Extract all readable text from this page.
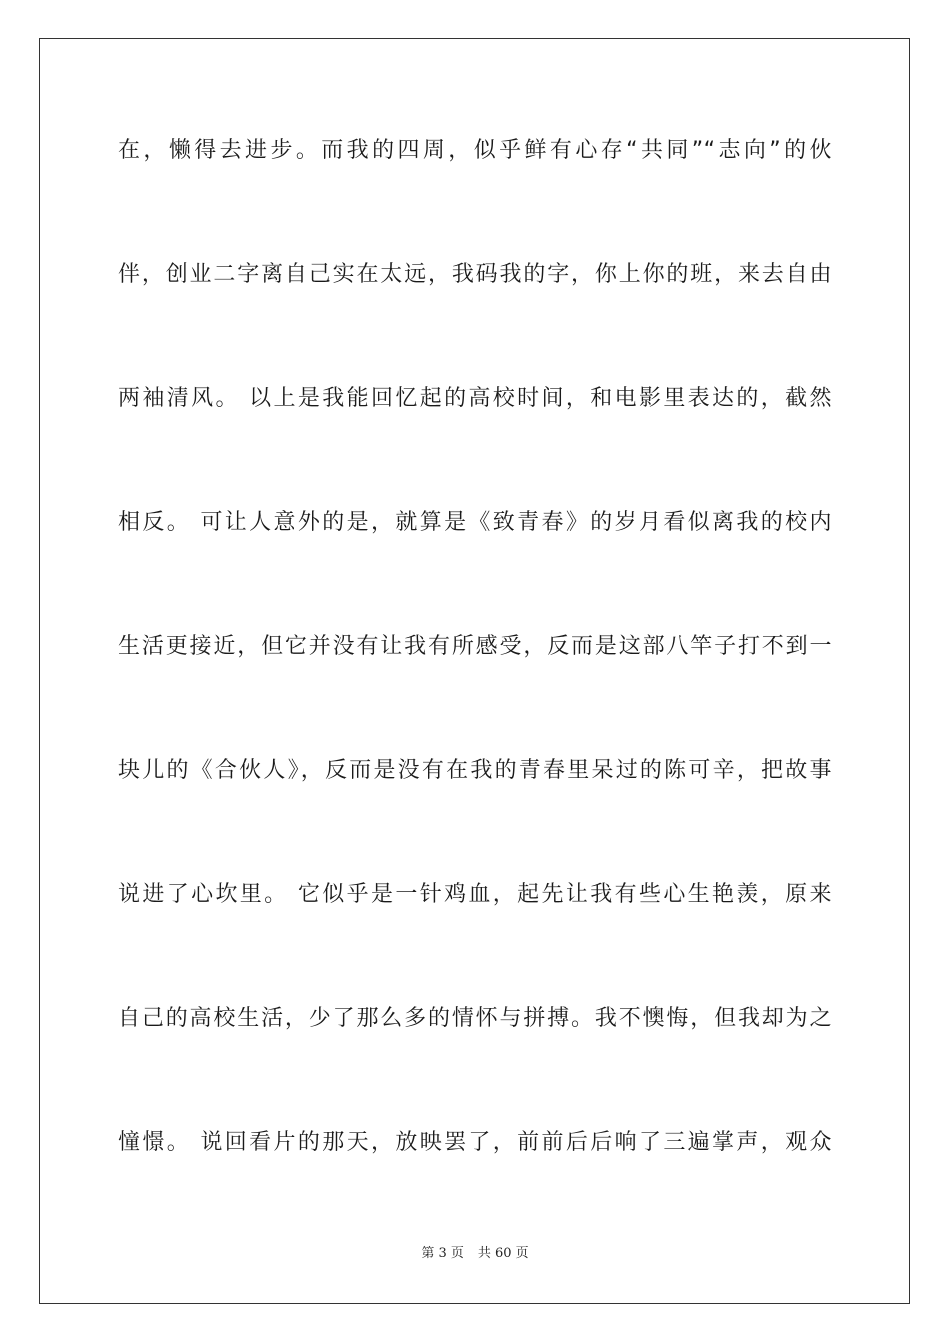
在，懒得去进步。而我的四周，似乎鲜有心存“共同”“志向”的伙
伴，创业二字离自己实在太远，我码我的字，你上你的班，来去自由
两袖清风。 以上是我能回忆起的高校时间，和电影里表达的，截然
相反。 可让人意外的是，就算是《致青春》的岁月看似离我的校内
生活更接近，但它并没有让我有所感受，反而是这部八竿子打不到一
块儿的《合伙人》，反而是没有在我的青春里呆过的陈可辛，把故事
说进了心坎里。 它似乎是一针鸡血，起先让我有些心生艳羡，原来
自己的高校生活，少了那么多的情怀与拼搏。我不懊悔，但我却为之
憧憬。 说回看片的那天，放映罢了，前前后后响了三遍掌声，观众
第 3 页 共 60 页
